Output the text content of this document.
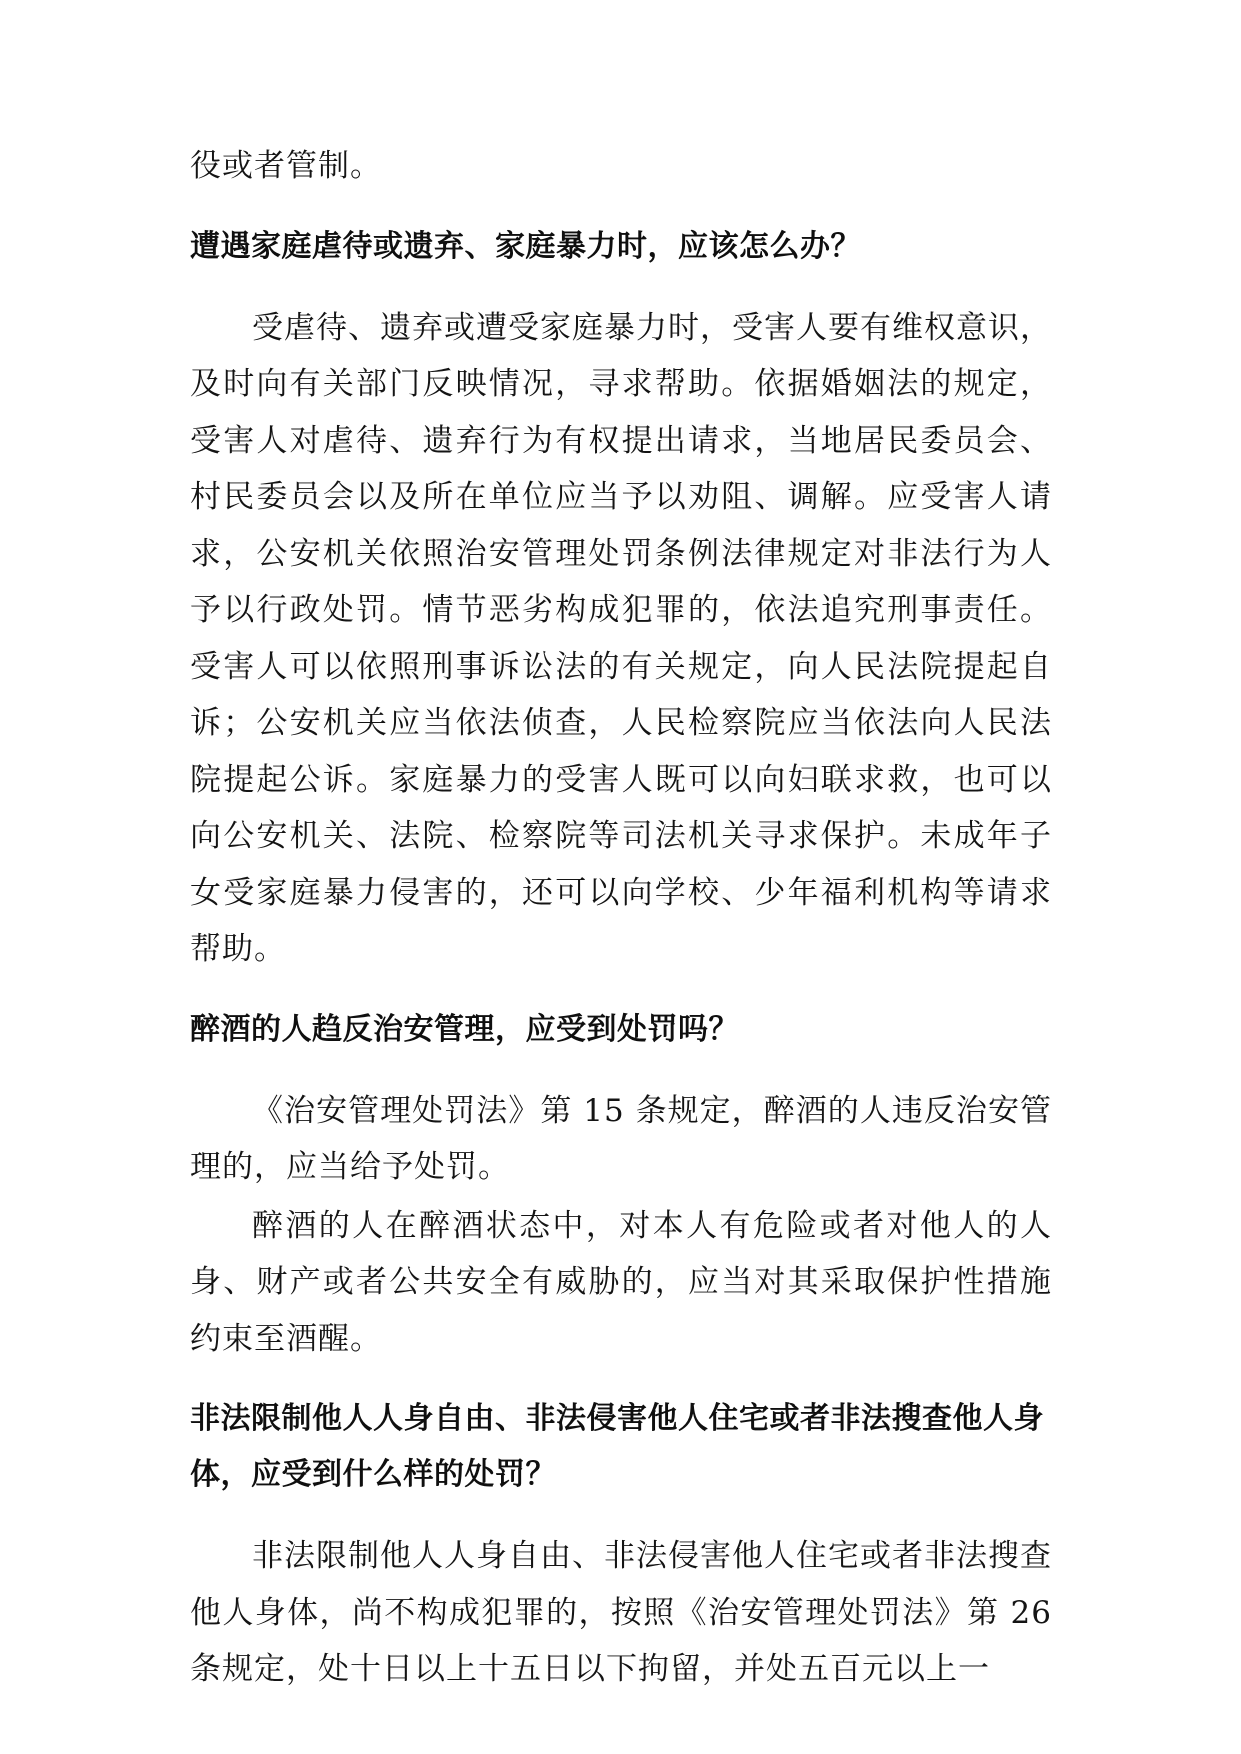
役或者管制。

遭遇家庭虐待或遗弃、家庭暴力时，应该怎么办？

受虐待、遗弃或遭受家庭暴力时，受害人要有维权意识，及时向有关部门反映情况，寻求帮助。依据婚姻法的规定，受害人对虐待、遗弃行为有权提出请求，当地居民委员会、村民委员会以及所在单位应当予以劝阻、调解。应受害人请求，公安机关依照治安管理处罚条例法律规定对非法行为人予以行政处罚。情节恶劣构成犯罪的，依法追究刑事责任。受害人可以依照刑事诉讼法的有关规定，向人民法院提起自诉；公安机关应当依法侦查，人民检察院应当依法向人民法院提起公诉。家庭暴力的受害人既可以向妇联求救，也可以向公安机关、法院、检察院等司法机关寻求保护。未成年子女受家庭暴力侵害的，还可以向学校、少年福利机构等请求帮助。

醉酒的人趋反治安管理，应受到处罚吗？

《治安管理处罚法》第 15 条规定，醉酒的人违反治安管理的，应当给予处罚。

醉酒的人在醉酒状态中，对本人有危险或者对他人的人身、财产或者公共安全有威胁的，应当对其采取保护性措施约束至酒醒。

非法限制他人人身自由、非法侵害他人住宅或者非法搜查他人身体，应受到什么样的处罚？

非法限制他人人身自由、非法侵害他人住宅或者非法搜查他人身体，尚不构成犯罪的，按照《治安管理处罚法》第 26 条规定，处十日以上十五日以下拘留，并处五百元以上一
